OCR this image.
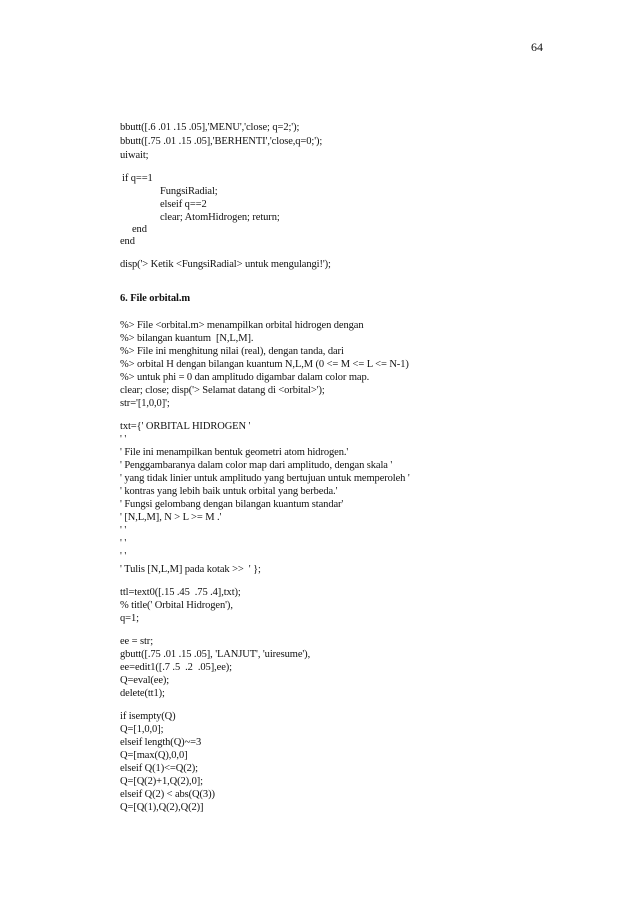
64
bbutt([.6 .01 .15 .05],'MENU','close; q=2;');
bbutt([.75 .01 .15 .05],'BERHENTI','close,q=0;');
uiwait;
if q==1
FungsiRadial;
elseif q==2
clear; AtomHidrogen; return;
end
end
disp('> Ketik <FungsiRadial> untuk mengulangi!');
6. File orbital.m
%> File <orbital.m> menampilkan orbital hidrogen dengan
%> bilangan kuantum  [N,L,M].
%> File ini menghitung nilai (real), dengan tanda, dari
%> orbital H dengan bilangan kuantum N,L,M (0 <= M <= L <= N-1)
%> untuk phi = 0 dan amplitudo digambar dalam color map.
clear; close; disp('> Selamat datang di <orbital>');
str='[1,0,0]';
txt={' ORBITAL HIDROGEN '
' '
' File ini menampilkan bentuk geometri atom hidrogen.'
' Penggambaranya dalam color map dari amplitudo, dengan skala '
' yang tidak linier untuk amplitudo yang bertujuan untuk memperoleh '
' kontras yang lebih baik untuk orbital yang berbeda.'
' Fungsi gelombang dengan bilangan kuantum standar'
' [N,L,M], N > L >= M .'
' '
' '
' '
' Tulis [N,L,M] pada kotak >>  ' };
ttl=text0([.15 .45  .75 .4],txt);
% title(' Orbital Hidrogen'),
q=1;
ee = str;
gbutt([.75 .01 .15 .05], 'LANJUT', 'uiresume'),
ee=edit1([.7 .5  .2  .05],ee);
Q=eval(ee);
delete(tt1);
if isempty(Q)
Q=[1,0,0];
elseif length(Q)~=3
Q=[max(Q),0,0]
elseif Q(1)<=Q(2);
Q=[Q(2)+1,Q(2),0];
elseif Q(2) < abs(Q(3))
Q=[Q(1),Q(2),Q(2)]
